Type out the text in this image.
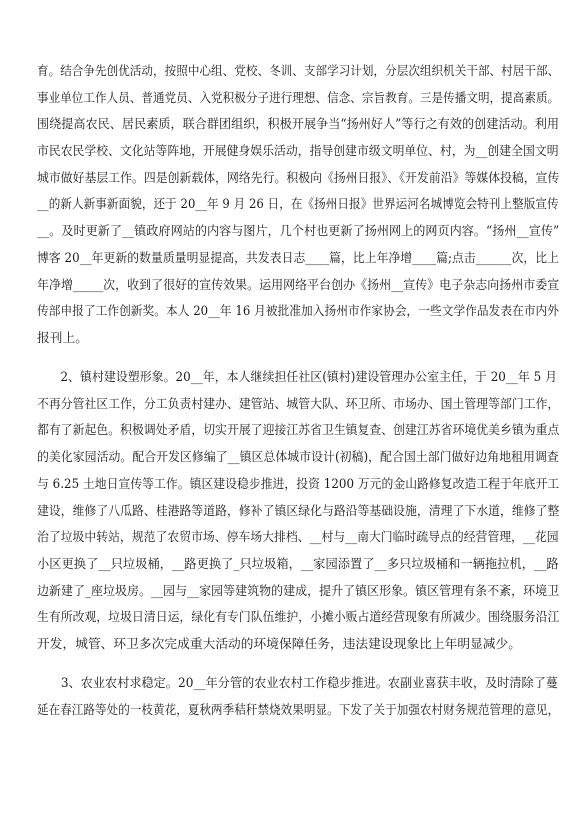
育。结合争先创优活动，按照中心组、党校、冬训、支部学习计划，分层次组织机关干部、村居干部、
事业单位工作人员、普通党员、入党积极分子进行理想、信念、宗旨教育。三是传播文明，提高素质。
围绕提高农民、居民素质，联合群团组织，积极开展争当“扬州好人”等行之有效的创建活动。利用
市民农民学校、文化站等阵地，开展健身娱乐活动，指导创建市级文明单位、村，为__创建全国文明
城市做好基层工作。四是创新载体，网络先行。积极向《扬州日报》、《开发前沿》等媒体投稿，宣传
__的新人新事新面貌，还于 20__年 9 月 26 日，在《扬州日报》世界运河名城博览会特刊上整版宣传
__。及时更新了__镇政府网站的内容与图片，几个村也更新了扬州网上的网页内容。“扬州__宣传”
博客 20__年更新的数量质量明显提高，共发表日志____篇，比上年净增____篇;点击______次，比上
年净增_____次，收到了很好的宣传效果。运用网络平台创办《扬州__宣传》电子杂志向扬州市委宣
传部申报了工作创新奖。本人 20__年 16 月被批准加入扬州市作家协会，一些文学作品发表在市内外
报刊上。
2、镇村建设塑形象。20__年，本人继续担任社区(镇村)建设管理办公室主任，于 20__年 5 月
不再分管社区工作，分工负责村建办、建管站、城管大队、环卫所、市场办、国土管理等部门工作，
都有了新起色。积极调处矛盾，切实开展了迎接江苏省卫生镇复查、创建江苏省环境优美乡镇为重点
的美化家园活动。配合开发区修编了__镇区总体城市设计(初稿)，配合国土部门做好边角地租用调查
与 6.25 土地日宣传等工作。镇区建设稳步推进，投资 1200 万元的金山路修复改造工程于年底开工
建设，维修了八瓜路、桂港路等道路，修补了镇区绿化与路沿等基础设施，清理了下水道，维修了整
治了垃圾中转站，规范了农贸市场、停车场大排档、__村与__南大门临时疏导点的经营管理，__花园
小区更换了__只垃圾桶，__路更换了_只垃圾箱，__家园添置了__多只垃圾桶和一辆拖拉机，__路
边新建了_座垃圾房。__园与__家园等建筑物的建成，提升了镇区形象。镇区管理有条不紊，环境卫
生有所改观，垃圾日清日运，绿化有专门队伍维护，小摊小贩占道经营现象有所减少。围绕服务沿江
开发，城管、环卫多次完成重大活动的环境保障任务，违法建设现象比上年明显减少。
3、农业农村求稳定。20__年分管的农业农村工作稳步推进。农副业喜获丰收，及时清除了蔓
延在春江路等处的一枝黄花，夏秋两季秸秆禁烧效果明显。下发了关于加强农村财务规范管理的意见，
